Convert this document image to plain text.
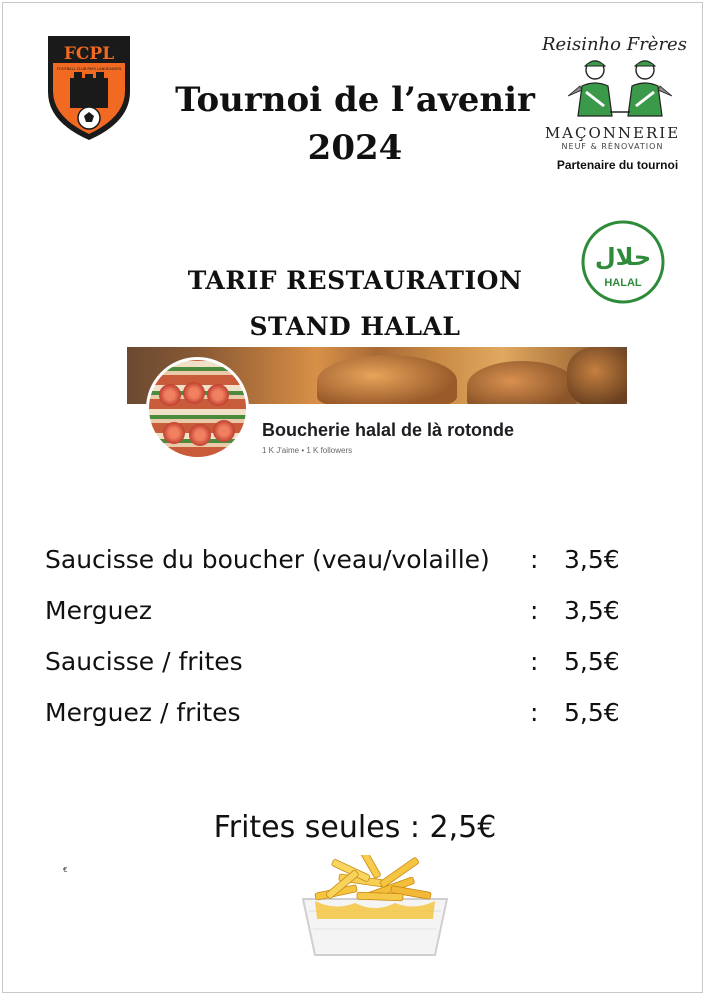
FCPL
FOOTBALL CLUB PAYS LANGEAISIEN
Tournoi de l’avenir
2024
Reisinho Frères
MAÇONNERIE
NEUF & RÉNOVATION
Partenaire du tournoi
حلال
HALAL
TARIF RESTAURATION
STAND HALAL
Boucherie halal de là rotonde
1 K J'aime • 1 K followers
Saucisse du boucher (veau/volaille) : 3,5€
Merguez	: 3,5€
Saucisse / frites	: 5,5€
Merguez / frites	: 5,5€
Frites seules : 2,5€
€
